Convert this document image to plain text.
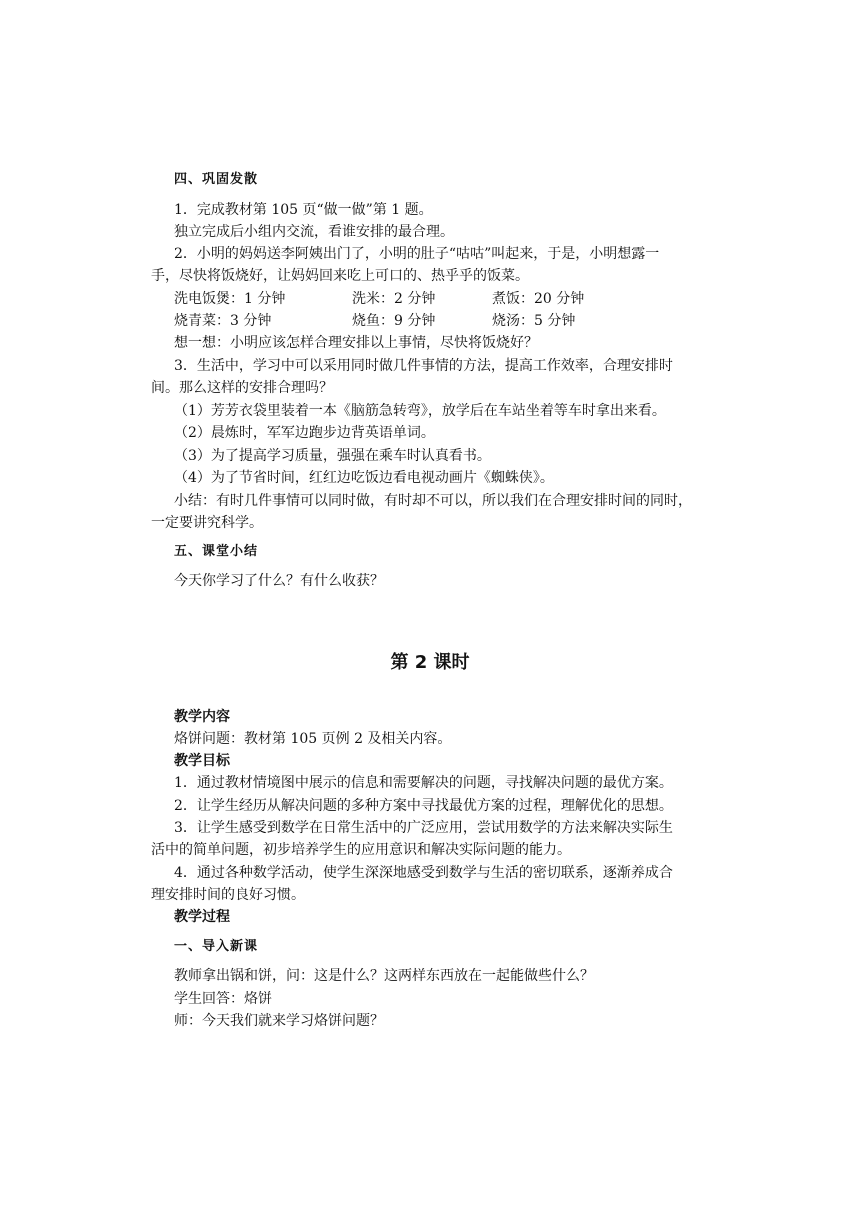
四、巩固发散
1．完成教材第 105 页“做一做”第 1 题。
独立完成后小组内交流，看谁安排的最合理。
2．小明的妈妈送李阿姨出门了，小明的肚子“咕咕”叫起来，于是，小明想露一
手，尽快将饭烧好，让妈妈回来吃上可口的、热乎乎的饭菜。
洗电饭煲：1 分钟	洗米：2 分钟	煮饭：20 分钟
烧青菜：3 分钟	烧鱼：9 分钟	烧汤：5 分钟
想一想：小明应该怎样合理安排以上事情，尽快将饭烧好？
3．生活中，学习中可以采用同时做几件事情的方法，提高工作效率，合理安排时
间。那么这样的安排合理吗？
（1）芳芳衣袋里装着一本《脑筋急转弯》，放学后在车站坐着等车时拿出来看。
（2）晨炼时，军军边跑步边背英语单词。
（3）为了提高学习质量，强强在乘车时认真看书。
（4）为了节省时间，红红边吃饭边看电视动画片《蜘蛛侠》。
小结：有时几件事情可以同时做，有时却不可以，所以我们在合理安排时间的同时，
一定要讲究科学。
五、课堂小结
今天你学习了什么？有什么收获？
第 2 课时
教学内容
烙饼问题：教材第 105 页例 2 及相关内容。
教学目标
1．通过教材情境图中展示的信息和需要解决的问题，寻找解决问题的最优方案。
2．让学生经历从解决问题的多种方案中寻找最优方案的过程，理解优化的思想。
3．让学生感受到数学在日常生活中的广泛应用，尝试用数学的方法来解决实际生
活中的简单问题，初步培养学生的应用意识和解决实际问题的能力。
4．通过各种数学活动，使学生深深地感受到数学与生活的密切联系，逐渐养成合
理安排时间的良好习惯。
教学过程
一、导入新课
教师拿出锅和饼，问：这是什么？这两样东西放在一起能做些什么？
学生回答：烙饼
师：今天我们就来学习烙饼问题？
